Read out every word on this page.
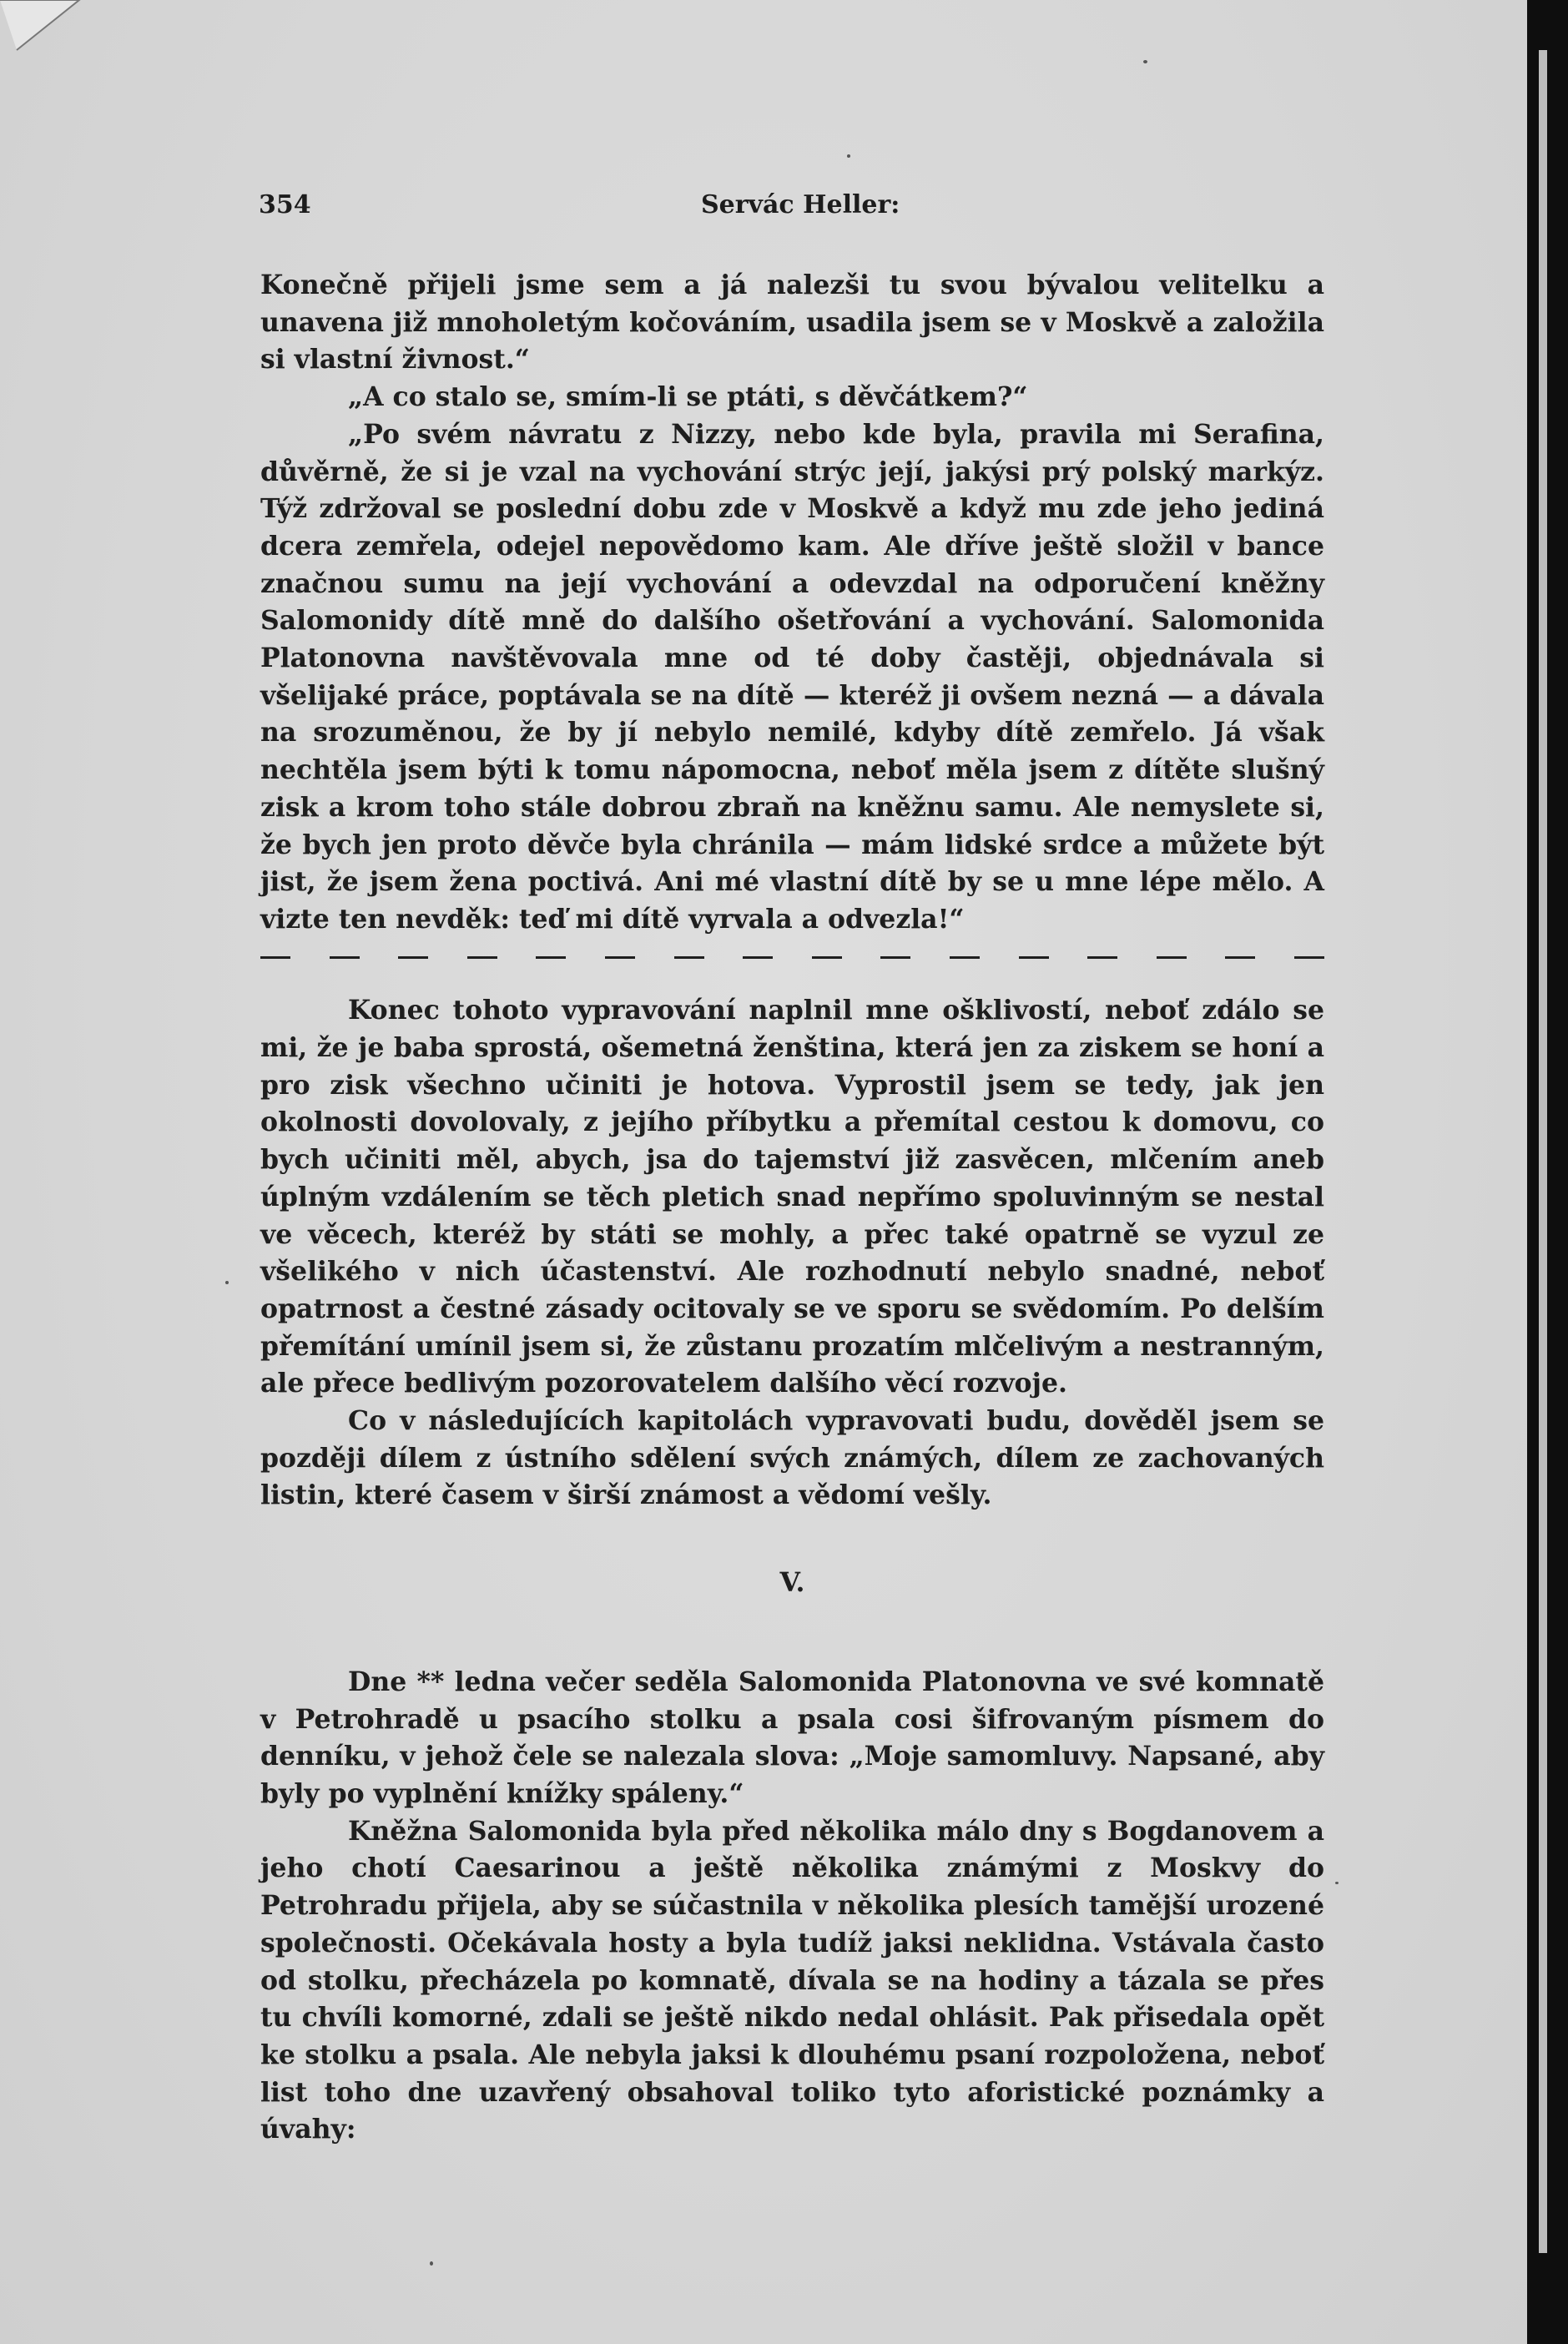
354	Servác Heller:

Konečně přijeli jsme sem a já nalezši tu svou bývalou velitelku a unavena již mnoholetým kočováním, usadila jsem se v Moskvě a založila si vlastní živnost.“

„A co stalo se, smím-li se ptáti, s děvčátkem?“

„Po svém návratu z Nizzy, nebo kde byla, pravila mi Serafina, důvěrně, že si je vzal na vychování strýc její, jakýsi prý polský markýz. Týž zdržoval se poslední dobu zde v Moskvě a když mu zde jeho jediná dcera zemřela, odejel nepovědomo kam. Ale dříve ještě složil v bance značnou sumu na její vychování a odevzdal na odporučení kněžny Salomonidy dítě mně do dalšího ošetřování a vychování. Salomonida Platonovna navštěvovala mne od té doby častěji, objednávala si všelijaké práce, poptávala se na dítě — kteréž ji ovšem nezná — a dávala na srozuměnou, že by jí nebylo nemilé, kdyby dítě zemřelo. Já však nechtěla jsem býti k tomu nápomocna, neboť měla jsem z dítěte slušný zisk a krom toho stále dobrou zbraň na kněžnu samu. Ale nemyslete si, že bych jen proto děvče byla chránila — mám lidské srdce a můžete být jist, že jsem žena poctivá. Ani mé vlastní dítě by se u mne lépe mělo. A vizte ten nevděk: teď mi dítě vyrvala a odvezla!“

Konec tohoto vypravování naplnil mne ošklivostí, neboť zdálo se mi, že je baba sprostá, ošemetná ženština, která jen za ziskem se honí a pro zisk všechno učiniti je hotova. Vyprostil jsem se tedy, jak jen okolnosti dovolovaly, z jejího příbytku a přemítal cestou k domovu, co bych učiniti měl, abych, jsa do tajemství již zasvěcen, mlčením aneb úplným vzdálením se těch pletich snad nepřímo spoluvinným se nestal ve věcech, kteréž by státi se mohly, a přec také opatrně se vyzul ze všelikého v nich účastenství. Ale rozhodnutí nebylo snadné, neboť opatrnost a čestné zásady ocitovaly se ve sporu se svědomím. Po delším přemítání umínil jsem si, že zůstanu prozatím mlčelivým a nestranným, ale přece bedlivým pozorovatelem dalšího věcí rozvoje.

Co v následujících kapitolách vypravovati budu, dověděl jsem se později dílem z ústního sdělení svých známých, dílem ze zachovaných listin, které časem v širší známost a vědomí vešly.

V.

Dne ** ledna večer seděla Salomonida Platonovna ve své komnatě v Petrohradě u psacího stolku a psala cosi šifrovaným písmem do denníku, v jehož čele se nalezala slova: „Moje samomluvy. Napsané, aby byly po vyplnění knížky spáleny.“

Kněžna Salomonida byla před několika málo dny s Bogdanovem a jeho chotí Caesarinou a ještě několika známými z Moskvy do Petrohradu přijela, aby se súčastnila v několika plesích tamější urozené společnosti. Očekávala hosty a byla tudíž jaksi neklidna. Vstávala často od stolku, přecházela po komnatě, dívala se na hodiny a tázala se přes tu chvíli komorné, zdali se ještě nikdo nedal ohlásit. Pak přisedala opět ke stolku a psala. Ale nebyla jaksi k dlouhému psaní rozpoložena, neboť list toho dne uzavřený obsahoval toliko tyto aforistické poznámky a úvahy:
